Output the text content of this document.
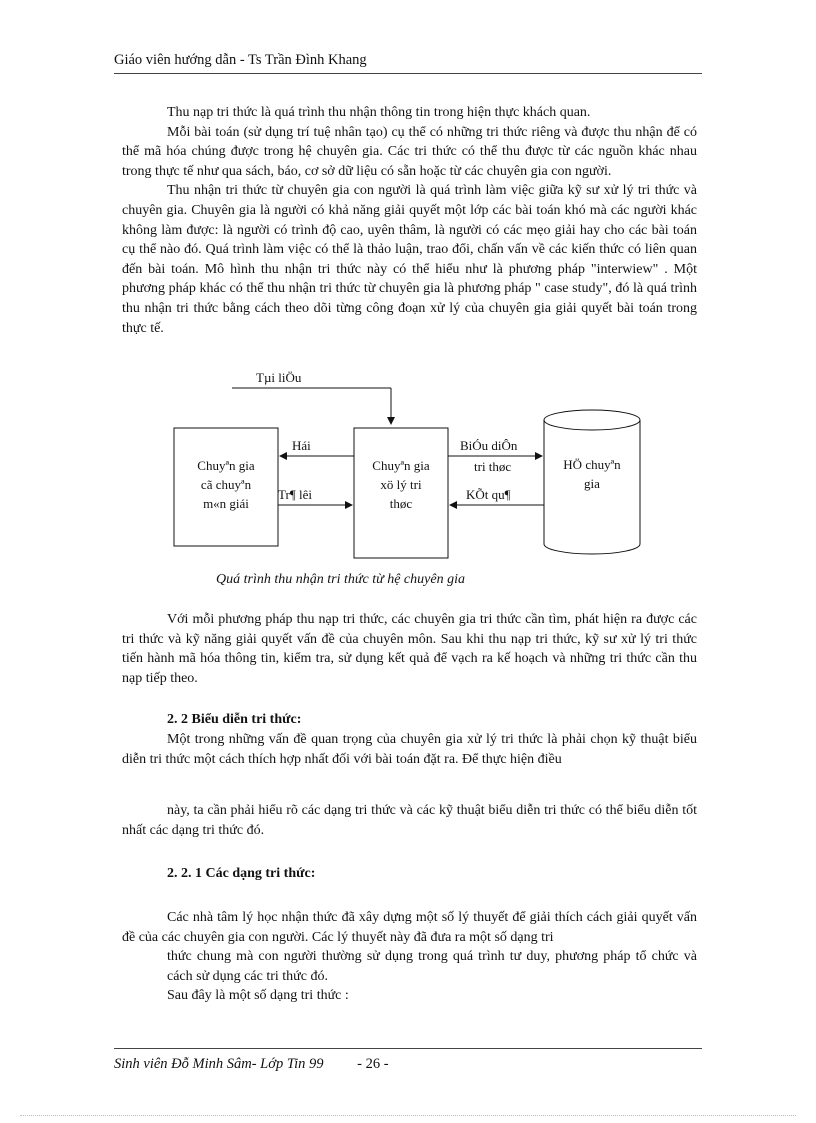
Giáo viên hướng dẫn - Ts Trần Đình Khang

Thu nạp tri thức là quá trình thu nhận thông tin trong hiện thực khách quan.

Mỗi bài toán (sử dụng trí tuệ nhân tạo) cụ thể có những tri thức riêng và được thu nhận để có thể mã hóa chúng được trong hệ chuyên gia. Các tri thức có thể thu được từ các nguồn khác nhau trong thực tế như qua sách, báo, cơ sở dữ liệu có sẵn hoặc từ các chuyên gia con người.

Thu nhận tri thức từ chuyên gia con người là quá trình làm việc giữa kỹ sư xử lý tri thức và chuyên gia. Chuyên gia là người có khả năng giải quyết một lớp các bài toán khó mà các người khác không làm được: là người có trình độ cao, uyên thâm, là người có các mẹo giải hay cho các bài toán cụ thể nào đó. Quá trình làm việc có thể là thảo luận, trao đổi, chấn vấn về các kiến thức có liên quan đến bài toán. Mô hình thu nhận tri thức này có thể hiểu như là phương pháp "interwiew" . Một phương pháp khác có thể thu nhận tri thức từ chuyên gia là phương pháp " case study", đó là quá trình thu nhận tri thức bằng cách theo dõi từng công đoạn xử lý của chuyên gia giải quyết bài toán trong thực tế.

Tµi liÖu
Chuyªn gia
cã chuyªn
m«n giái
Chuyªn gia
xö lý tri
thøc
HÖ chuyªn
gia
Hái
Tr¶ lêi
BiÓu diÔn
tri thøc
KÕt qu¶
Quá trình thu nhận tri thức từ hệ chuyên gia

Với mỗi phương pháp thu nạp tri thức, các chuyên gia tri thức cần tìm, phát hiện ra được các tri thức và kỹ năng giải quyết vấn đề của chuyên môn. Sau khi thu nạp tri thức, kỹ sư xử lý tri thức tiến hành mã hóa thông tin, kiểm tra, sử dụng kết quả để vạch ra kế hoạch và những tri thức cần thu nạp tiếp theo.

2. 2 Biểu diễn tri thức:

Một trong những vấn đề quan trọng của chuyên gia xử lý tri thức là phải chọn kỹ thuật biểu diễn tri thức một cách thích hợp nhất đối với bài toán đặt ra. Để thực hiện điều

này, ta cần phải hiểu rõ các dạng tri thức và các kỹ thuật biểu diễn tri thức có thể biểu diễn tốt nhất các dạng tri thức đó.

2. 2. 1 Các dạng tri thức:

Các nhà tâm lý học nhận thức đã xây dựng một số lý thuyết để giải thích cách giải quyết vấn đề của các chuyên gia con người. Các lý thuyết này đã đưa ra một số dạng tri

thức chung mà con người thường sử dụng trong quá trình tư duy, phương pháp tổ chức và cách sử dụng các tri thức đó.

Sau đây là một số dạng tri thức :

Sinh viên Đỗ Minh Sâm- Lớp Tin 99 - 26 -
